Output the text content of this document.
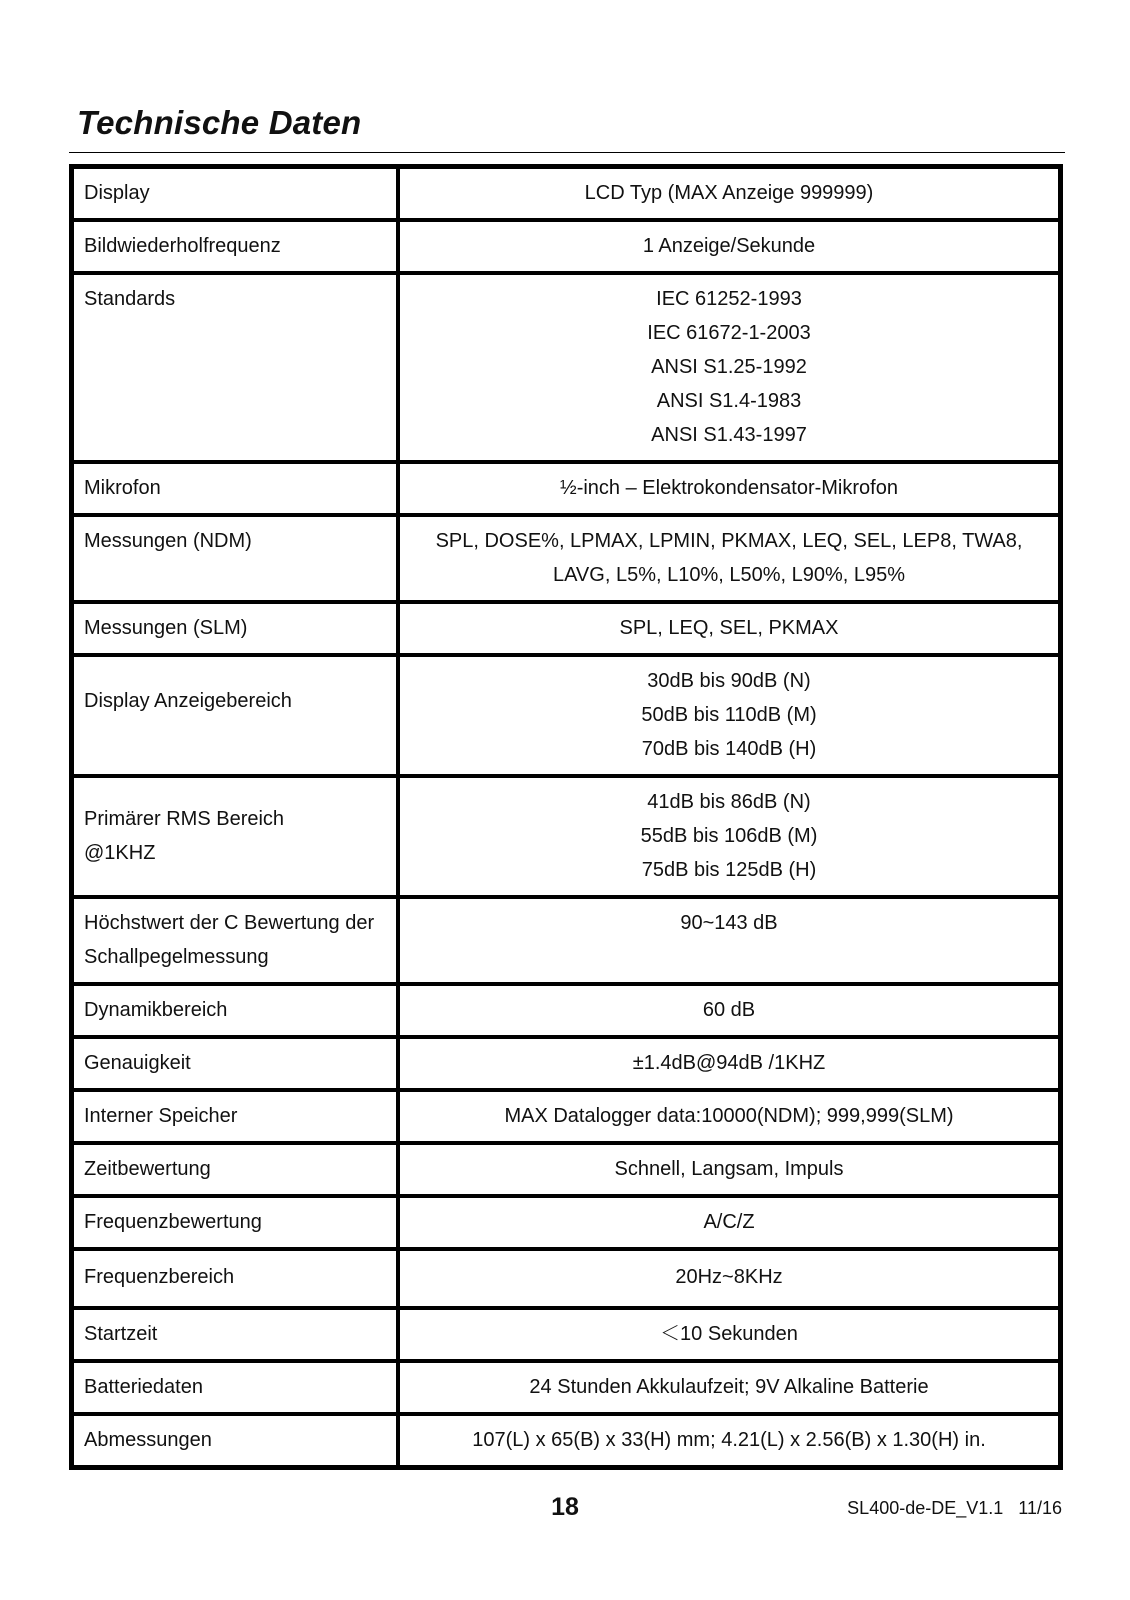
Technische Daten
Display	LCD Typ (MAX Anzeige 999999)

Bildwiederholfrequenz	1 Anzeige/Sekunde

Standards	IEC 61252-1993
IEC 61672-1-2003
ANSI S1.25-1992
ANSI S1.4-1983
ANSI S1.43-1997

Mikrofon	½-inch – Elektrokondensator-Mikrofon

Messungen (NDM)	SPL, DOSE%, LPMAX, LPMIN, PKMAX, LEQ, SEL, LEP8, TWA8,
LAVG, L5%, L10%, L50%, L90%, L95%

Messungen (SLM)	SPL, LEQ, SEL, PKMAX

Display Anzeigebereich	30dB bis 90dB (N)
50dB bis 110dB (M)
70dB bis 140dB (H)

Primärer RMS Bereich @1KHZ	41dB bis 86dB (N)
55dB bis 106dB (M)
75dB bis 125dB (H)

Höchstwert der C Bewertung der Schallpegelmessung	90~143 dB

Dynamikbereich	60 dB

Genauigkeit	±1.4dB@94dB /1KHZ

Interner Speicher	MAX Datalogger data:10000(NDM); 999,999(SLM)

Zeitbewertung	Schnell, Langsam, Impuls

Frequenzbewertung	A/C/Z

Frequenzbereich	20Hz~8KHz

Startzeit	＜10 Sekunden

Batteriedaten	24 Stunden Akkulaufzeit; 9V Alkaline Batterie

Abmessungen	107(L) x 65(B) x 33(H) mm; 4.21(L) x 2.56(B) x 1.30(H) in.
18	SL400-de-DE_V1.1   11/16
